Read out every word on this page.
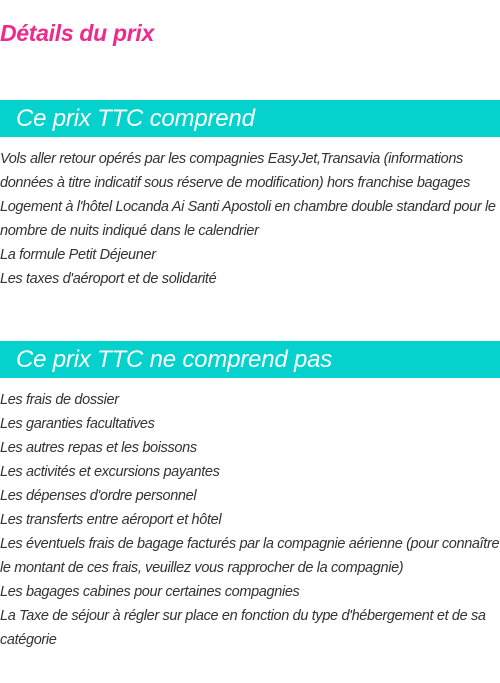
Détails du prix
Ce prix TTC comprend
Vols aller retour opérés par les compagnies EasyJet,Transavia (informations données à titre indicatif sous réserve de modification) hors franchise bagages
Logement à l'hôtel Locanda Ai Santi Apostoli en chambre double standard pour le nombre de nuits indiqué dans le calendrier
La formule Petit Déjeuner
Les taxes d'aéroport et de solidarité
Ce prix TTC ne comprend pas
Les frais de dossier
Les garanties facultatives
Les autres repas et les boissons
Les activités et excursions payantes
Les dépenses d'ordre personnel
Les transferts entre aéroport et hôtel
Les éventuels frais de bagage facturés par la compagnie aérienne (pour connaître le montant de ces frais, veuillez vous rapprocher de la compagnie)
Les bagages cabines pour certaines compagnies
La Taxe de séjour à régler sur place en fonction du type d'hébergement et de sa catégorie
